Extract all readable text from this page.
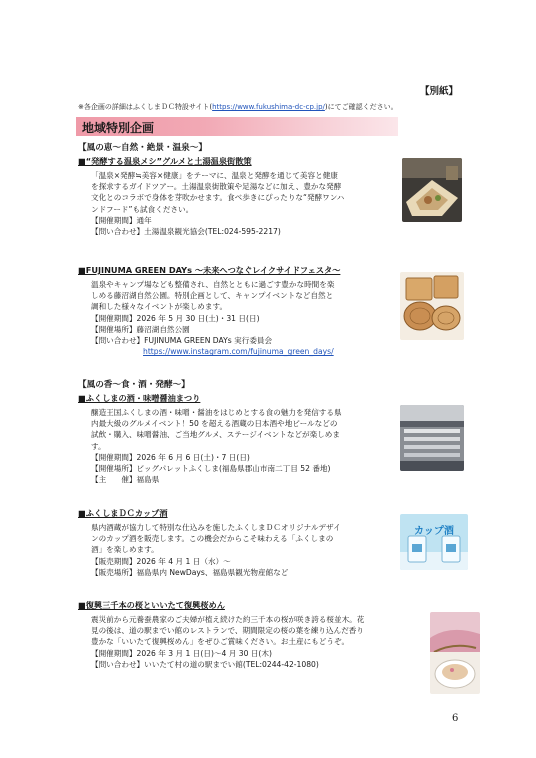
【別紙】
※各企画の詳細はふくしまＤＣ特設サイト(https://www.fukushima-dc-cp.jp/)にてご確認ください。
地域特別企画
【風の恵～自然・絶景・温泉～】
■“発酵する温泉メシ”グルメと土湯温泉街散策
「温泉×発酵≒美容×健康」をテーマに、温泉と発酵を通じて美容と健康
を探求するガイドツアー。土湯温泉街散策や足湯などに加え、豊かな発酵
文化とのコラボで身体を芽吹かせます。食べ歩きにぴったりな“発酵ワンハ
ンドフード”も試食ください。
【開催期間】通年
【問い合わせ】土湯温泉観光協会(TEL:024-595-2217)
■FUJINUMA GREEN DAYs ～未来へつなぐレイクサイドフェスタ～
温泉やキャンプ場なども整備され、自然とともに過ごす豊かな時間を楽
しめる藤沼湖自然公園。特別企画として、キャンプイベントなど自然と
調和した様々なイベントが楽しめます。
【開催期間】2026 年 5 月 30 日(土)・31 日(日)
【開催場所】藤沼湖自然公園
【問い合わせ】FUJINUMA GREEN DAYs 実行委員会
https://www.instagram.com/fujinuma_green_days/
【風の香～食・酒・発酵～】
■ふくしまの酒・味噌醤油まつり
醸造王国ふくしまの酒・味噌・醤油をはじめとする食の魅力を発信する県
内最大級のグルメイベント！50 を超える酒蔵の日本酒や地ビールなどの
試飲・購入、味噌醤油、ご当地グルメ、ステージイベントなどが楽しめま
す。
【開催期間】2026 年 6 月 6 日(土)・7 日(日)
【開催場所】ビッグパレットふくしま(福島県郡山市南二丁目 52 番地)
【主　　催】福島県
■ふくしまＤＣカップ酒
県内酒蔵が協力して特別な仕込みを施したふくしまＤＣオリジナルデザイ
ンのカップ酒を販売します。この機会だからこそ味わえる「ふくしまの
酒」を楽しめます。
【販売期間】2026 年 4 月 1 日（水）～
【販売場所】福島県内 NewDays、福島県観光物産館など
カップ酒
■復興三千本の桜といいたて復興桜めん
震災前から元養蚕農家のご夫婦が植え続けた約三千本の桜が咲き誇る桜並木。花
見の後は、道の駅までい館のレストランで、期間限定の桜の葉を練り込んだ香り
豊かな「いいたて復興桜めん」をぜひご賞味ください。お土産にもどうぞ。
【開催期間】2026 年 3 月 1 日(日)～4 月 30 日(木)
【問い合わせ】いいたて村の道の駅までい館(TEL:0244-42-1080)
6
